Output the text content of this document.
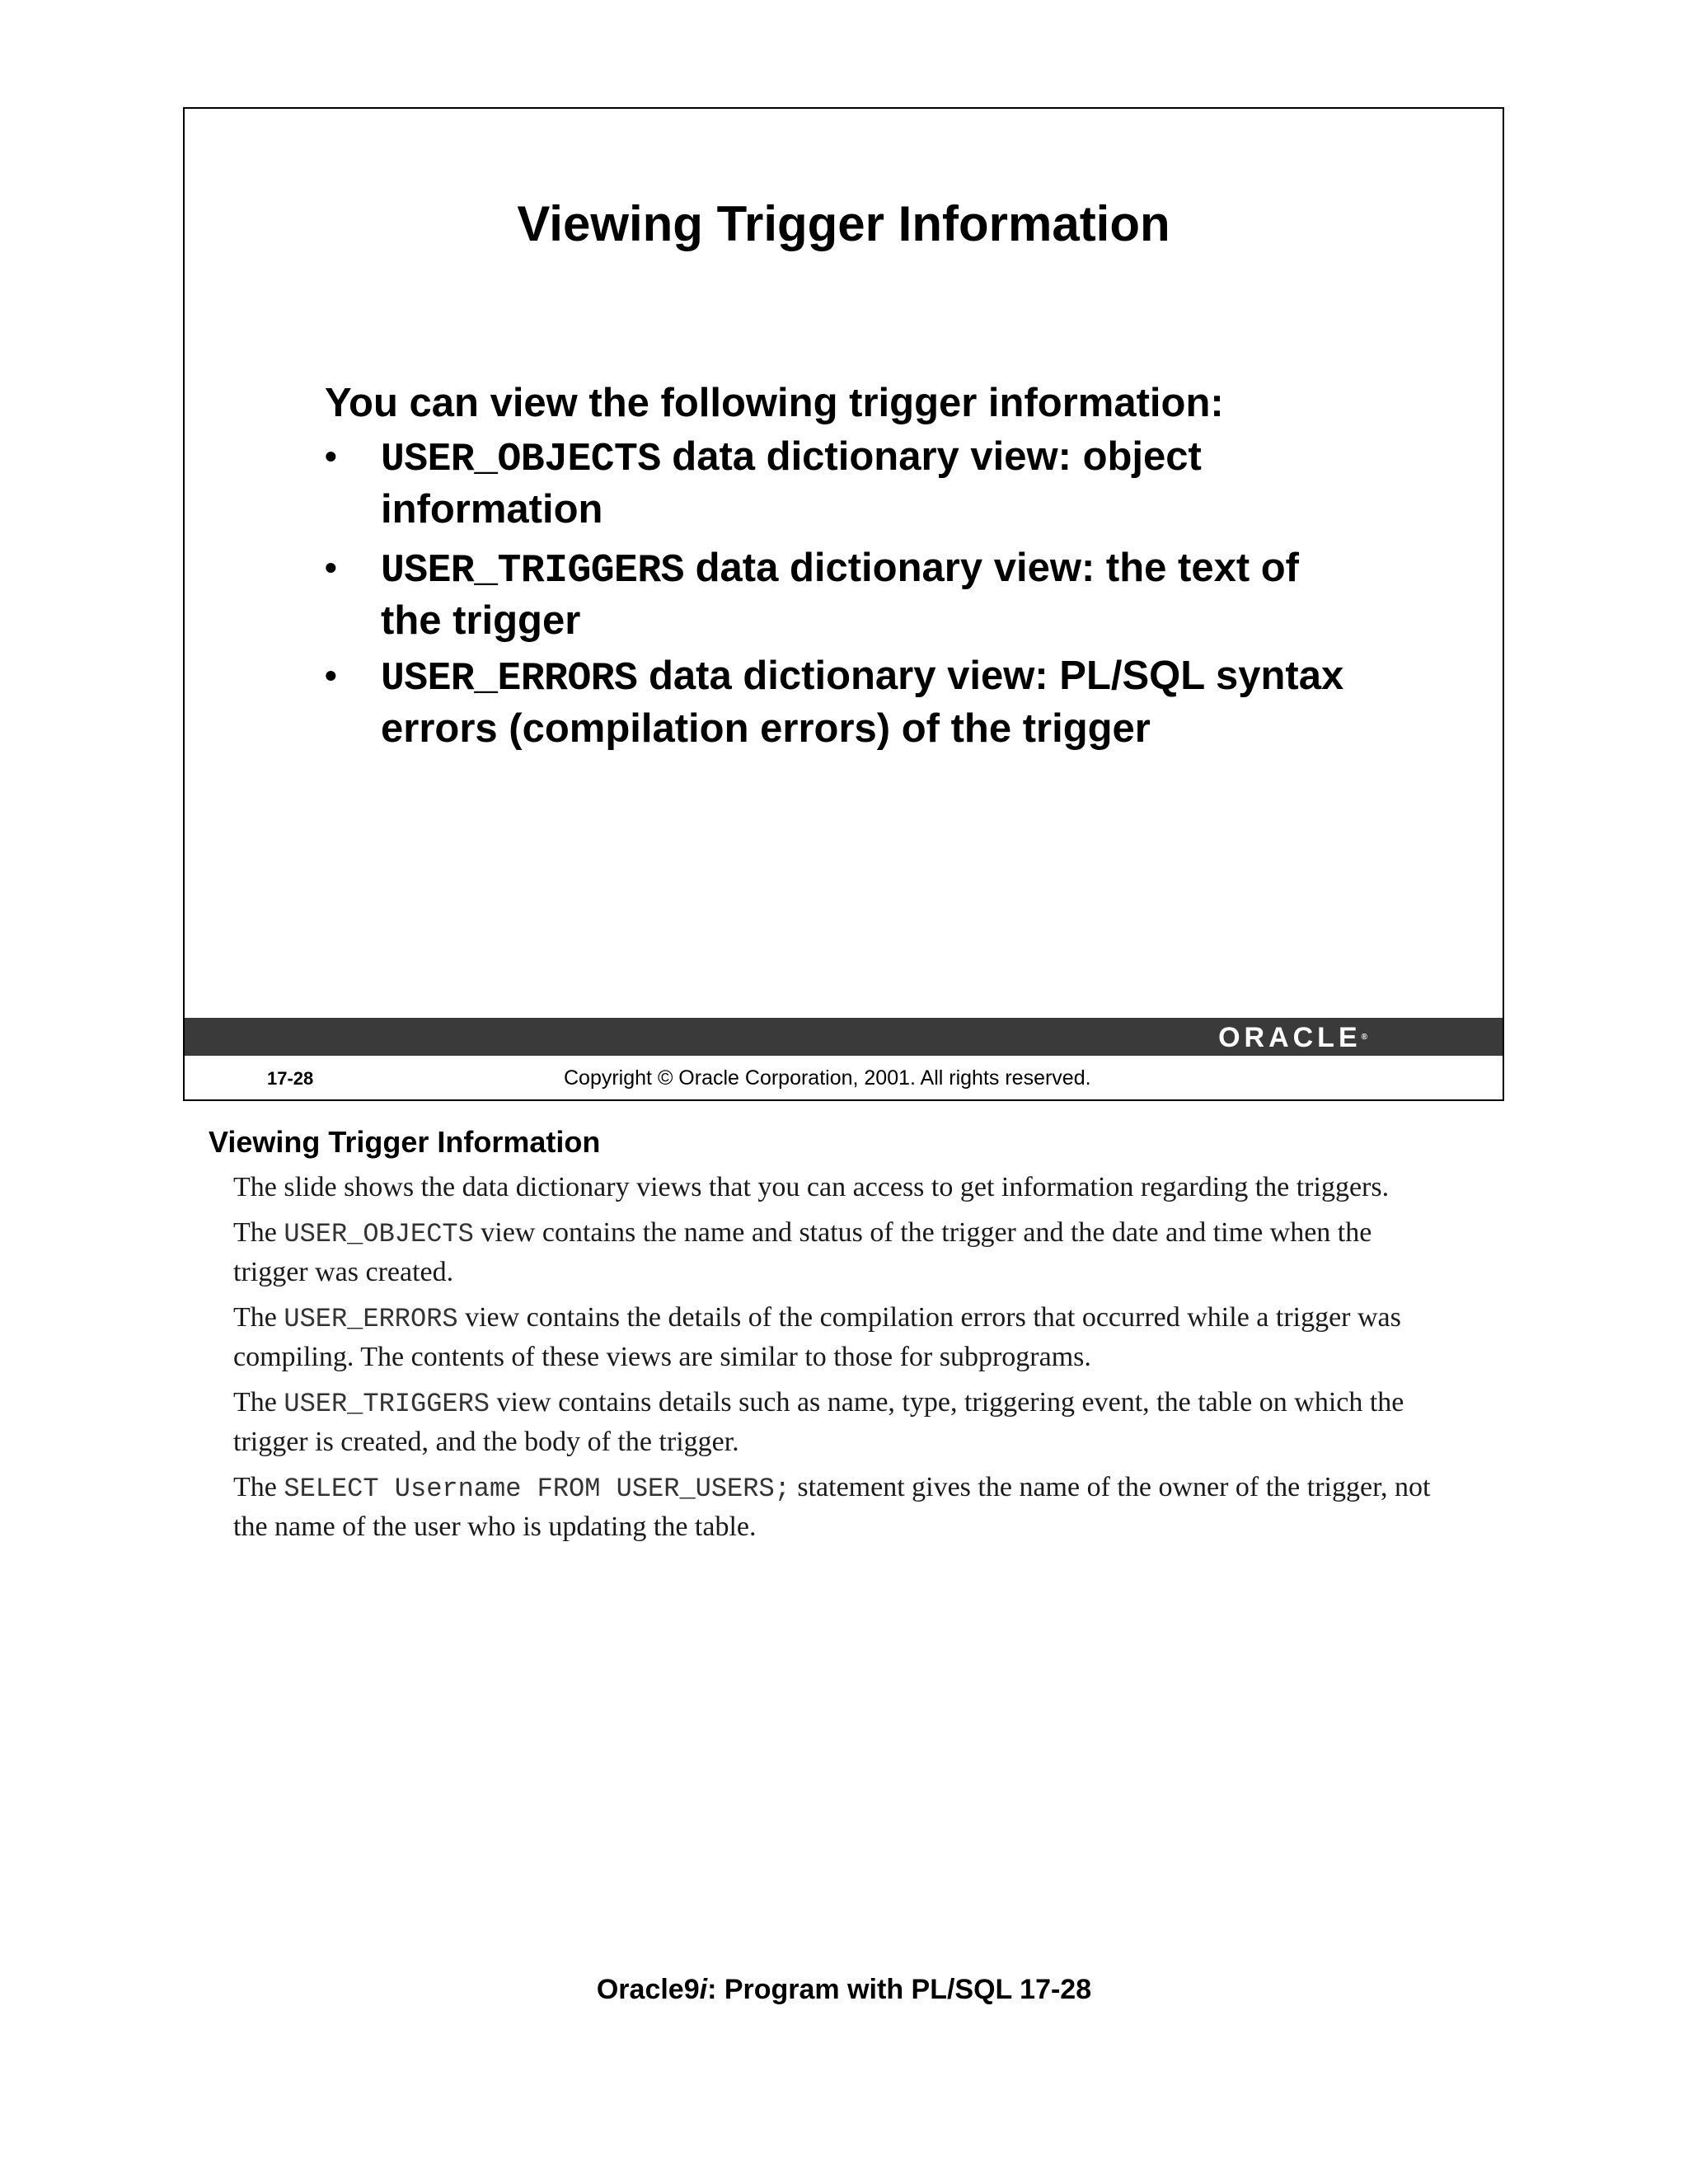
Viewing Trigger Information
You can view the following trigger information:
•	USER_OBJECTS data dictionary view: object
information
•	USER_TRIGGERS data dictionary view: the text of
the trigger
•	USER_ERRORS data dictionary view: PL/SQL syntax
errors (compilation errors) of the trigger
ORACLE®
17-28	Copyright © Oracle Corporation, 2001. All rights reserved.
Viewing Trigger Information

The slide shows the data dictionary views that you can access to get information regarding the triggers.

The USER_OBJECTS view contains the name and status of the trigger and the date and time when the trigger was created.

The USER_ERRORS view contains the details of the compilation errors that occurred while a trigger was compiling. The contents of these views are similar to those for subprograms.

The USER_TRIGGERS view contains details such as name, type, triggering event, the table on which the trigger is created, and the body of the trigger.

The SELECT Username FROM USER_USERS; statement gives the name of the owner of the trigger, not the name of the user who is updating the table.

Oracle9i: Program with PL/SQL 17-28
